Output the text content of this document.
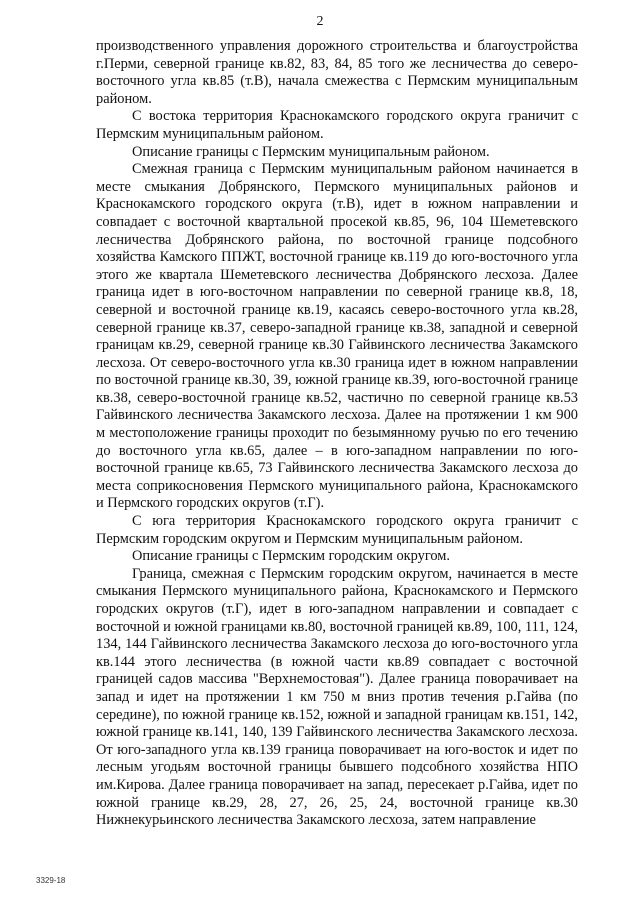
2

производственного управления дорожного строительства и благоустройства г.Перми, северной границе кв.82, 83, 84, 85 того же лесничества до северо-восточного угла кв.85 (т.В), начала смежества с Пермским муниципальным районом.

С востока территория Краснокамского городского округа граничит с Пермским муниципальным районом.

Описание границы с Пермским муниципальным районом.

Смежная граница с Пермским муниципальным районом начинается в месте смыкания Добрянского, Пермского муниципальных районов и Краснокамского городского округа (т.В), идет в южном направлении и совпадает с восточной квартальной просекой кв.85, 96, 104 Шеметевского лесничества Добрянского района, по восточной границе подсобного хозяйства Камского ППЖТ, восточной границе кв.119 до юго-восточного угла этого же квартала Шеметевского лесничества Добрянского лесхоза. Далее граница идет в юго-восточном направлении по северной границе кв.8, 18, северной и восточной границе кв.19, касаясь северо-восточного угла кв.28, северной границе кв.37, северо-западной границе кв.38, западной и северной границам кв.29, северной границе кв.30 Гайвинского лесничества Закамского лесхоза. От северо-восточного угла кв.30 граница идет в южном направлении по восточной границе кв.30, 39, южной границе кв.39, юго-восточной границе кв.38, северо-восточной границе кв.52, частично по северной границе кв.53 Гайвинского лесничества Закамского лесхоза. Далее на протяжении 1 км 900 м местоположение границы проходит по безымянному ручью по его течению до восточного угла кв.65, далее – в юго-западном направлении по юго-восточной границе кв.65, 73 Гайвинского лесничества Закамского лесхоза до места соприкосновения Пермского муниципального района, Краснокамского и Пермского городских округов (т.Г).

С юга территория Краснокамского городского округа граничит с Пермским городским округом и Пермским муниципальным районом.

Описание границы с Пермским городским округом.

Граница, смежная с Пермским городским округом, начинается в месте смыкания Пермского муниципального района, Краснокамского и Пермского городских округов (т.Г), идет в юго-западном направлении и совпадает с восточной и южной границами кв.80, восточной границей кв.89, 100, 111, 124, 134, 144 Гайвинского лесничества Закамского лесхоза до юго-восточного угла кв.144 этого лесничества (в южной части кв.89 совпадает с восточной границей садов массива "Верхнемостовая"). Далее граница поворачивает на запад и идет на протяжении 1 км 750 м вниз против течения р.Гайва (по середине), по южной границе кв.152, южной и западной границам кв.151, 142, южной границе кв.141, 140, 139 Гайвинского лесничества Закамского лесхоза. От юго-западного угла кв.139 граница поворачивает на юго-восток и идет по лесным угодьям восточной границы бывшего подсобного хозяйства НПО им.Кирова. Далее граница поворачивает на запад, пересекает р.Гайва, идет по южной границе кв.29, 28, 27, 26, 25, 24, восточной границе кв.30 Нижнекурьинского лесничества Закамского лесхоза, затем направление

3329-18
